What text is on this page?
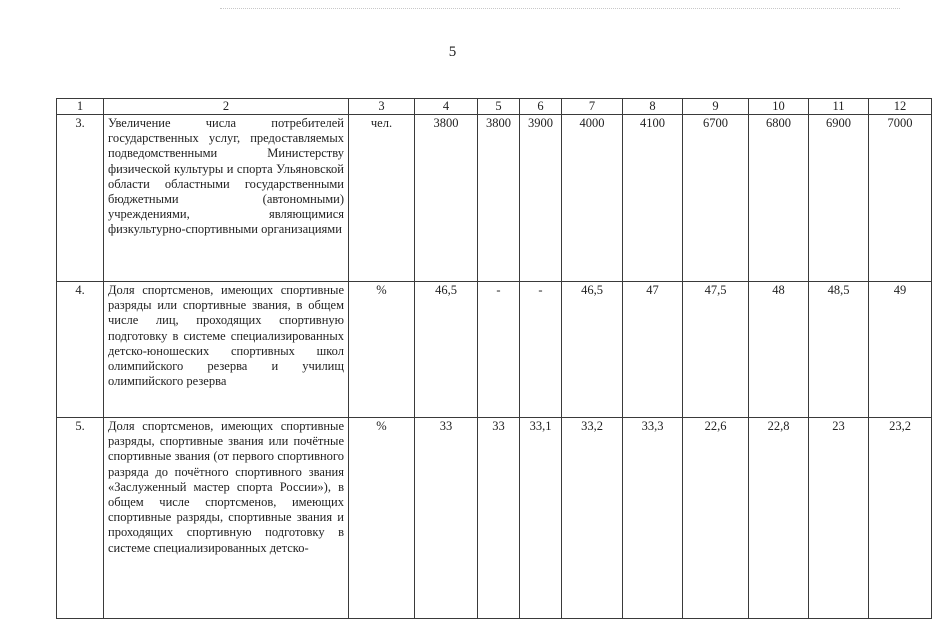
5
1	2	3	4	5	6	7	8	9	10	11	12
3.	Увеличение числа потребителей государственных услуг, предоставляемых подведомственными Министерству физической культуры и спорта Ульяновской области областными государственными бюджетными (автономными) учреждениями, являющимися физкультурно-спортивными организациями	чел.	3800	3800	3900	4000	4100	6700	6800	6900	7000
4.	Доля спортсменов, имеющих спортивные разряды или спортивные звания, в общем числе лиц, проходящих спортивную подготовку в системе специализированных детско-юношеских спортивных школ олимпийского резерва и училищ олимпийского резерва	%	46,5	-	-	46,5	47	47,5	48	48,5	49
5.	Доля спортсменов, имеющих спортивные разряды, спортивные звания или почётные спортивные звания (от первого спортивного разряда до почётного спортивного звания «Заслуженный мастер спорта России»), в общем числе спортсменов, имеющих спортивные разряды, спортивные звания и проходящих спортивную подготовку в системе специализированных детско-	%	33	33	33,1	33,2	33,3	22,6	22,8	23	23,2
